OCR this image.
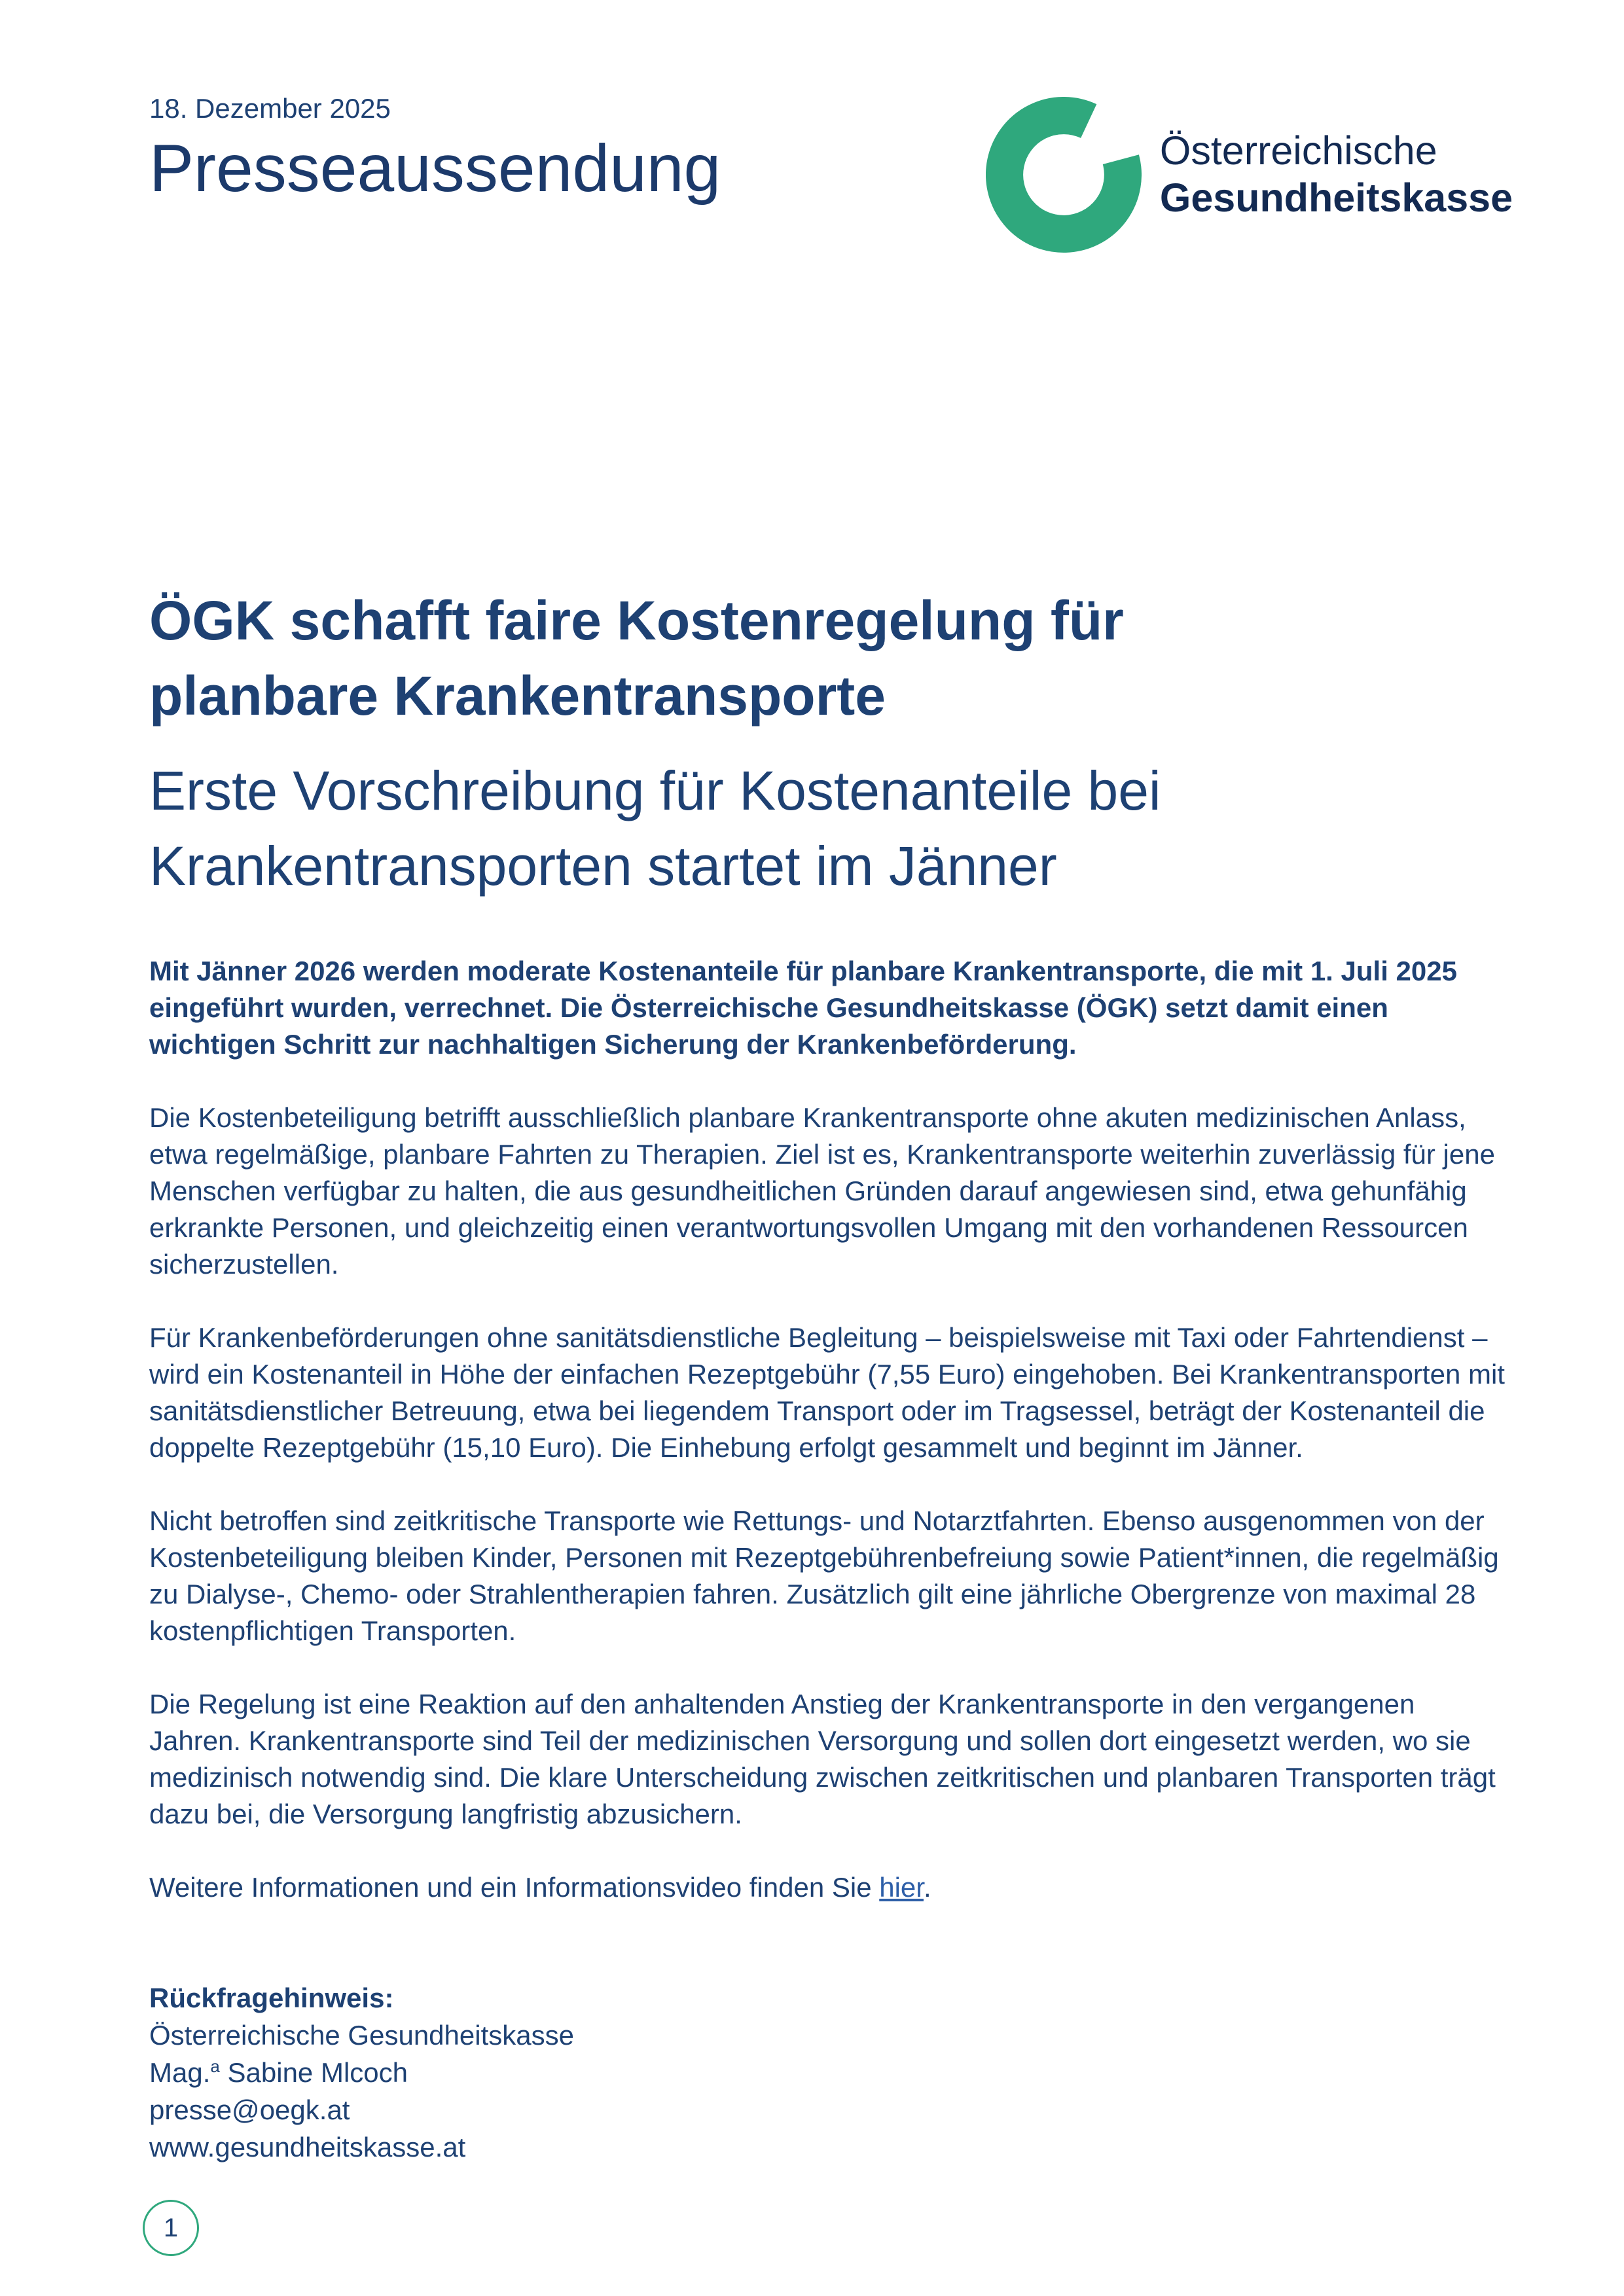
18. Dezember 2025
Presseaussendung	Österreichische
Gesundheitskasse
ÖGK schafft faire Kostenregelung für
planbare Krankentransporte
Erste Vorschreibung für Kostenanteile bei
Krankentransporten startet im Jänner
Mit Jänner 2026 werden moderate Kostenanteile für planbare Krankentransporte, die mit 1. Juli 2025 eingeführt wurden, verrechnet. Die Österreichische Gesundheitskasse (ÖGK) setzt damit einen wichtigen Schritt zur nachhaltigen Sicherung der Krankenbeförderung.
Die Kostenbeteiligung betrifft ausschließlich planbare Krankentransporte ohne akuten medizinischen Anlass, etwa regelmäßige, planbare Fahrten zu Therapien. Ziel ist es, Krankentransporte weiterhin zuverlässig für jene Menschen verfügbar zu halten, die aus gesundheitlichen Gründen darauf angewiesen sind, etwa gehunfähig erkrankte Personen, und gleichzeitig einen verantwortungsvollen Umgang mit den vorhandenen Ressourcen sicherzustellen.
Für Krankenbeförderungen ohne sanitätsdienstliche Begleitung – beispielsweise mit Taxi oder Fahrtendienst – wird ein Kostenanteil in Höhe der einfachen Rezeptgebühr (7,55 Euro) eingehoben. Bei Krankentransporten mit sanitätsdienstlicher Betreuung, etwa bei liegendem Transport oder im Tragsessel, beträgt der Kostenanteil die doppelte Rezeptgebühr (15,10 Euro). Die Einhebung erfolgt gesammelt und beginnt im Jänner.
Nicht betroffen sind zeitkritische Transporte wie Rettungs- und Notarztfahrten. Ebenso ausgenommen von der Kostenbeteiligung bleiben Kinder, Personen mit Rezeptgebührenbefreiung sowie Patient*innen, die regelmäßig zu Dialyse-, Chemo- oder Strahlentherapien fahren. Zusätzlich gilt eine jährliche Obergrenze von maximal 28 kostenpflichtigen Transporten.
Die Regelung ist eine Reaktion auf den anhaltenden Anstieg der Krankentransporte in den vergangenen Jahren. Krankentransporte sind Teil der medizinischen Versorgung und sollen dort eingesetzt werden, wo sie medizinisch notwendig sind. Die klare Unterscheidung zwischen zeitkritischen und planbaren Transporten trägt dazu bei, die Versorgung langfristig abzusichern.
Weitere Informationen und ein Informationsvideo finden Sie hier.
Rückfragehinweis:
Österreichische Gesundheitskasse
Mag.$^a$ Sabine Mlcoch
presse@oegk.at
www.gesundheitskasse.at
1
